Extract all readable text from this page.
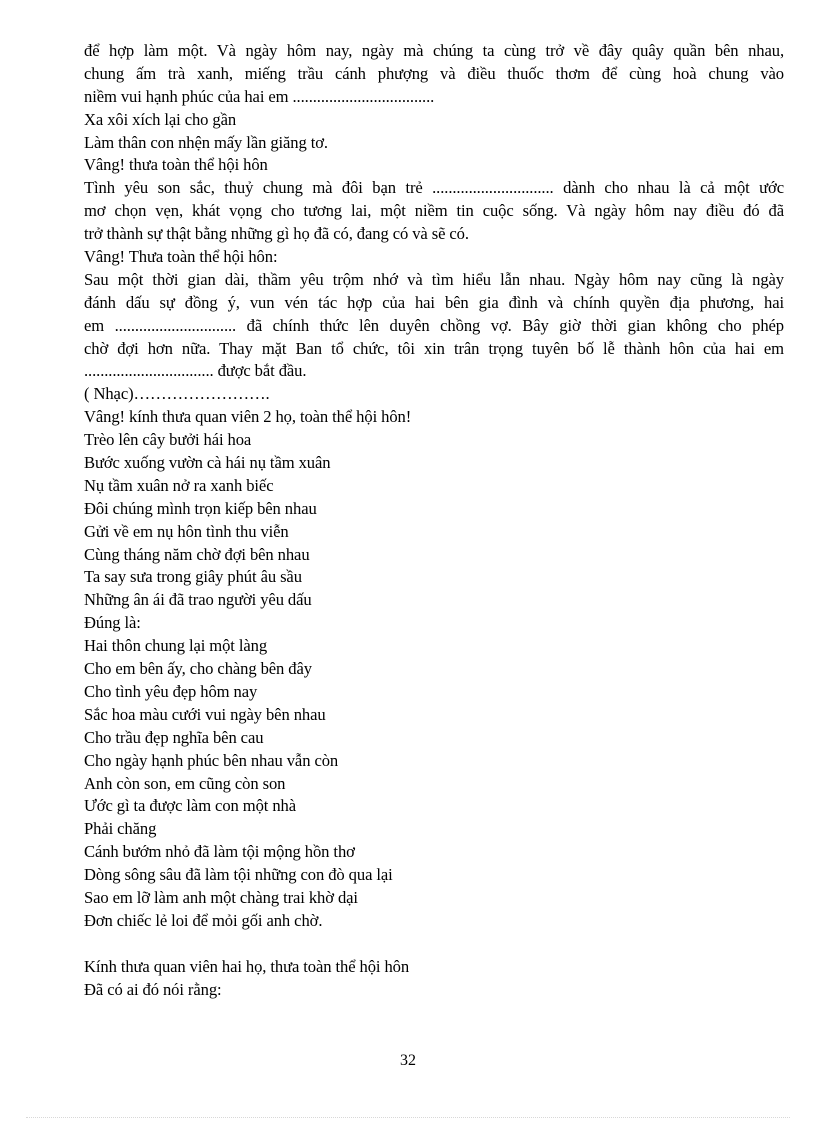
để hợp làm một. Và ngày hôm nay, ngày mà chúng ta cùng trở về đây quây quần bên nhau,
chung ấm trà xanh, miếng trầu cánh phượng và điều thuốc thơm để cùng hoà chung vào
niềm vui hạnh phúc của hai em ...................................
Xa xôi xích lại cho gần
Làm thân con nhện mấy lần giăng tơ.
Vâng! thưa toàn thể hội hôn
Tình yêu son sắc, thuỷ chung mà đôi bạn trẻ .............................. dành cho nhau là cả một ước
mơ chọn vẹn, khát vọng cho tương lai, một niềm tin cuộc sống. Và ngày hôm nay điều đó đã
trở thành sự thật bằng những gì họ đã có, đang có và sẽ có.
Vâng! Thưa toàn thể hội hôn:
Sau một thời gian dài, thầm yêu trộm nhớ và tìm hiểu lẫn nhau. Ngày hôm nay cũng là ngày
đánh dấu sự đồng ý, vun vén tác hợp của hai bên gia đình và chính quyền địa phương, hai
em .............................. đã chính thức lên duyên chồng vợ. Bây giờ thời gian không cho phép
chờ đợi hơn nữa. Thay mặt Ban tổ chức, tôi xin trân trọng tuyên bố lễ thành hôn của hai em
................................ được bắt đầu.
( Nhạc)…………………….
Vâng! kính thưa quan viên 2 họ, toàn thể hội hôn!
Trèo lên cây bưởi hái hoa
Bước xuống vườn cà hái nụ tầm xuân
Nụ tầm xuân nở ra xanh biếc
Đôi chúng mình trọn kiếp bên nhau
Gửi về em nụ hôn tình thu viễn
Cùng tháng năm chờ đợi bên nhau
Ta say sưa trong giây phút âu sầu
Những ân ái đã trao người yêu dấu
Đúng là:
Hai thôn chung lại một làng
Cho em bên ấy, cho chàng bên đây
Cho tình yêu đẹp hôm nay
Sắc hoa màu cưới vui ngày bên nhau
Cho trầu đẹp nghĩa bên cau
Cho ngày hạnh phúc bên nhau vẫn còn
Anh còn son, em cũng còn son
Ước gì ta được làm con một nhà
Phải chăng
Cánh bướm nhỏ đã làm tội mộng hồn thơ
Dòng sông sâu đã làm tội những con đò qua lại
Sao em lỡ làm anh một chàng trai khờ dại
Đơn chiếc lẻ loi để mỏi gối anh chờ.
Kính thưa quan viên hai họ, thưa toàn thể hội hôn
Đã có ai đó nói rằng:
32
